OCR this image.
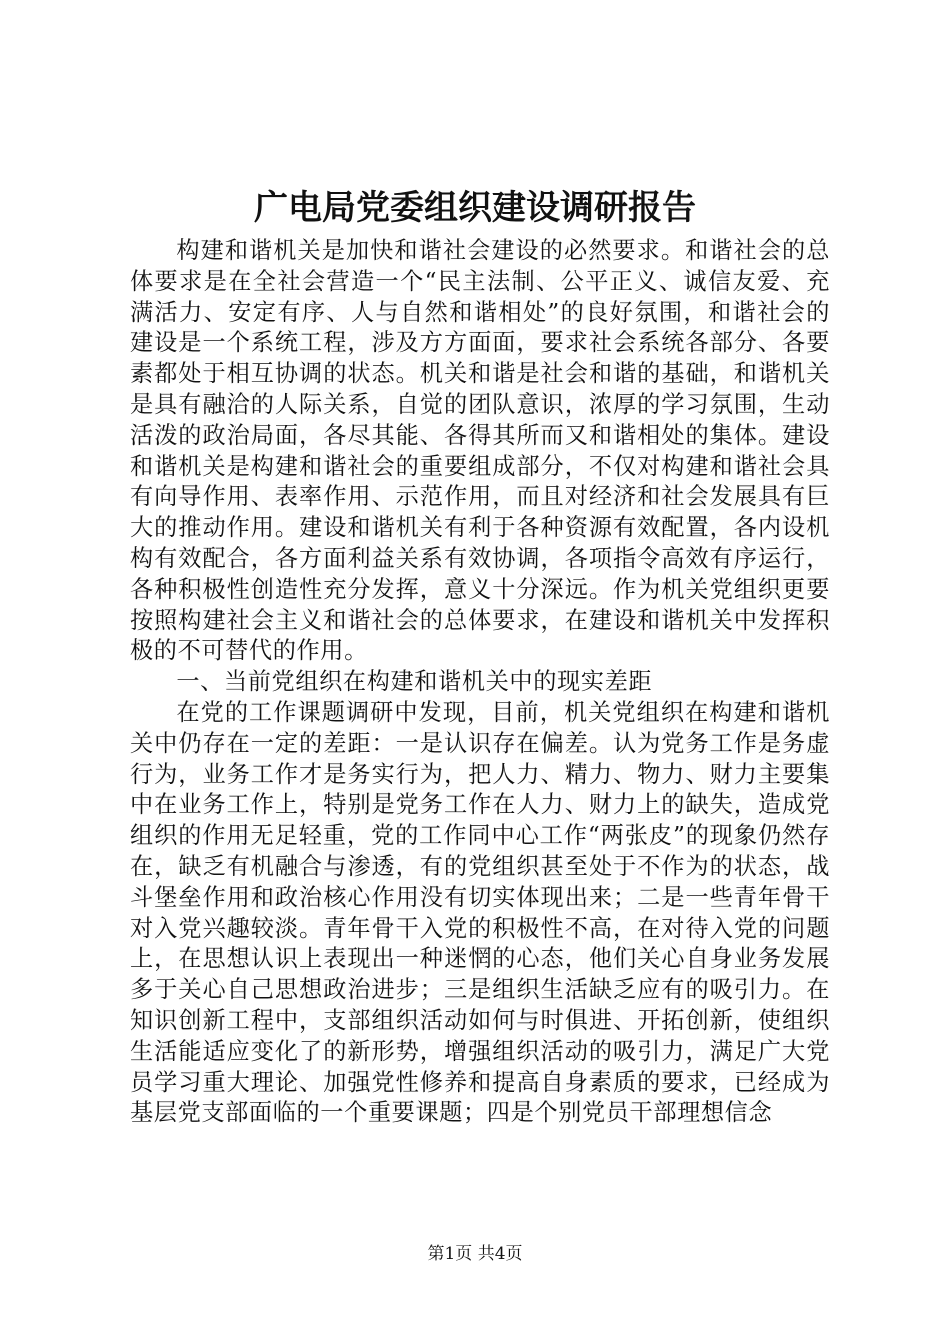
广电局党委组织建设调研报告

构建和谐机关是加快和谐社会建设的必然要求。和谐社会的总体要求是在全社会营造一个“民主法制、公平正义、诚信友爱、充满活力、安定有序、人与自然和谐相处”的良好氛围，和谐社会的建设是一个系统工程，涉及方方面面，要求社会系统各部分、各要素都处于相互协调的状态。机关和谐是社会和谐的基础，和谐机关是具有融洽的人际关系，自觉的团队意识，浓厚的学习氛围，生动活泼的政治局面，各尽其能、各得其所而又和谐相处的集体。建设和谐机关是构建和谐社会的重要组成部分，不仅对构建和谐社会具有向导作用、表率作用、示范作用，而且对经济和社会发展具有巨大的推动作用。建设和谐机关有利于各种资源有效配置，各内设机构有效配合，各方面利益关系有效协调，各项指令高效有序运行，各种积极性创造性充分发挥，意义十分深远。作为机关党组织更要按照构建社会主义和谐社会的总体要求，在建设和谐机关中发挥积极的不可替代的作用。

一、当前党组织在构建和谐机关中的现实差距

在党的工作课题调研中发现，目前，机关党组织在构建和谐机关中仍存在一定的差距：一是认识存在偏差。认为党务工作是务虚行为，业务工作才是务实行为，把人力、精力、物力、财力主要集中在业务工作上，特别是党务工作在人力、财力上的缺失，造成党组织的作用无足轻重，党的工作同中心工作“两张皮”的现象仍然存在，缺乏有机融合与渗透，有的党组织甚至处于不作为的状态，战斗堡垒作用和政治核心作用没有切实体现出来；二是一些青年骨干对入党兴趣较淡。青年骨干入党的积极性不高，在对待入党的问题上，在思想认识上表现出一种迷惘的心态，他们关心自身业务发展多于关心自己思想政治进步；三是组织生活缺乏应有的吸引力。在知识创新工程中，支部组织活动如何与时俱进、开拓创新，使组织生活能适应变化了的新形势，增强组织活动的吸引力，满足广大党员学习重大理论、加强党性修养和提高自身素质的要求，已经成为基层党支部面临的一个重要课题；四是个别党员干部理想信念

第1页 共4页
